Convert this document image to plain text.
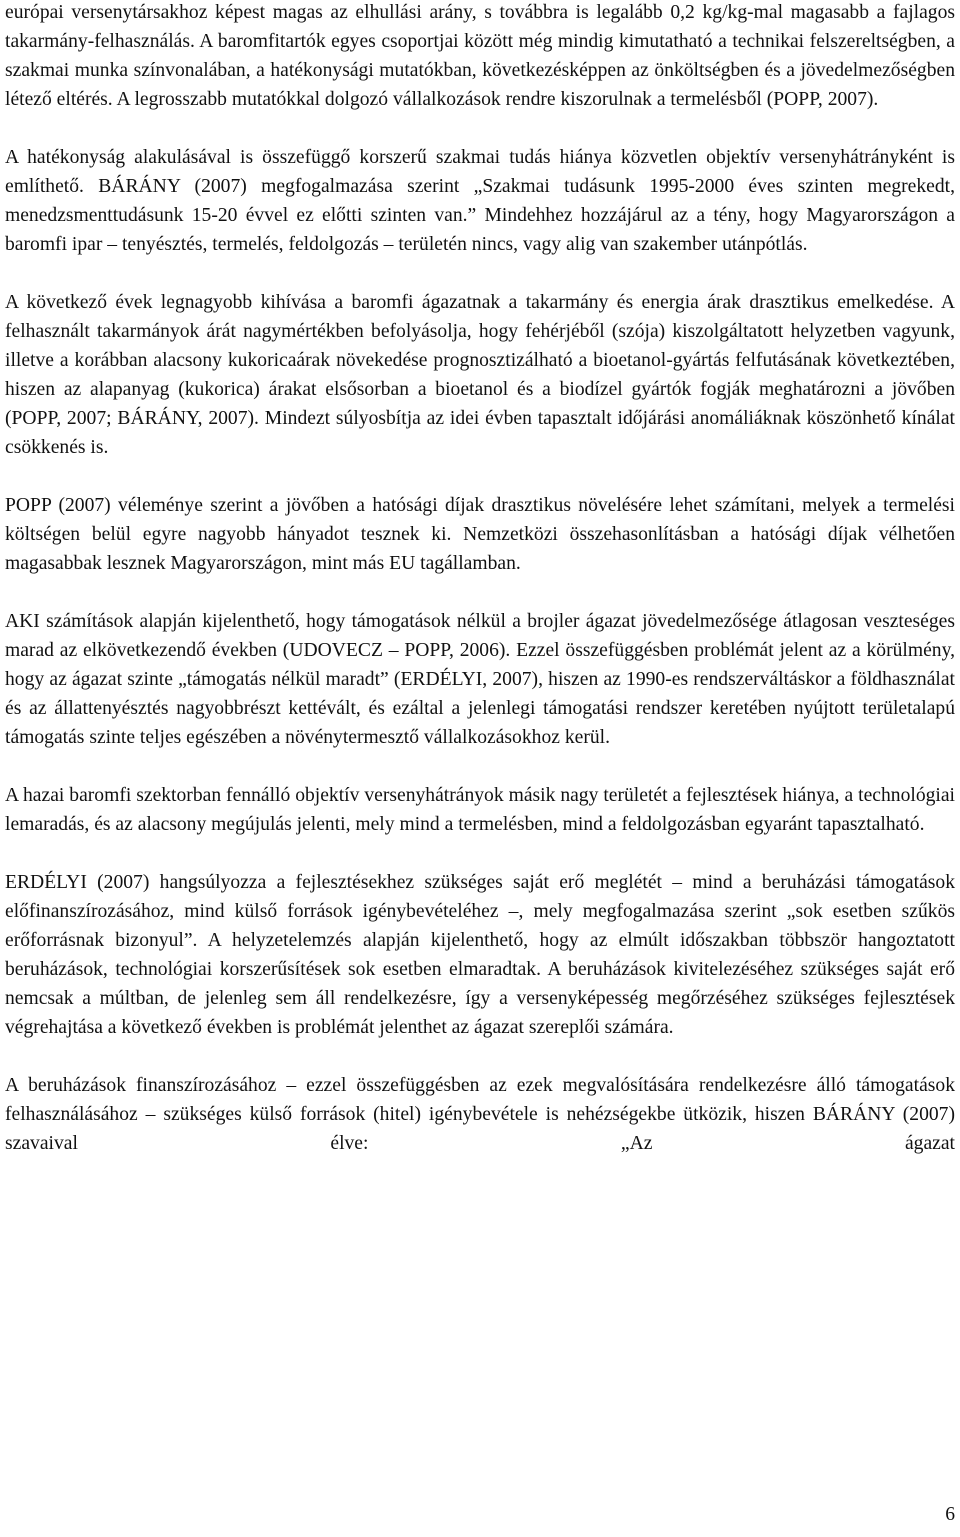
európai versenytársakhoz képest magas az elhullási arány, s továbbra is legalább 0,2 kg/kg-mal magasabb a fajlagos takarmány-felhasználás. A baromfitartók egyes csoportjai között még mindig kimutatható a technikai felszereltségben, a szakmai munka színvonalában, a hatékonysági mutatókban, következésképpen az önköltségben és a jövedelmezőségben létező eltérés. A legrosszabb mutatókkal dolgozó vállalkozások rendre kiszorulnak a termelésből (POPP, 2007).

A hatékonyság alakulásával is összefüggő korszerű szakmai tudás hiánya közvetlen objektív versenyhátrányként is említhető. BÁRÁNY (2007) megfogalmazása szerint „Szakmai tudásunk 1995-2000 éves szinten megrekedt, menedzsmenttudásunk 15-20 évvel ez előtti szinten van.” Mindehhez hozzájárul az a tény, hogy Magyarországon a baromfi ipar – tenyésztés, termelés, feldolgozás – területén nincs, vagy alig van szakember utánpótlás.

A következő évek legnagyobb kihívása a baromfi ágazatnak a takarmány és energia árak drasztikus emelkedése. A felhasznált takarmányok árát nagymértékben befolyásolja, hogy fehérjéből (szója) kiszolgáltatott helyzetben vagyunk, illetve a korábban alacsony kukoricaárak növekedése prognosztizálható a bioetanol-gyártás felfutásának következtében, hiszen az alapanyag (kukorica) árakat elsősorban a bioetanol és a biodízel gyártók fogják meghatározni a jövőben (POPP, 2007; BÁRÁNY, 2007). Mindezt súlyosbítja az idei évben tapasztalt időjárási anomáliáknak köszönhető kínálat csökkenés is.

POPP (2007) véleménye szerint a jövőben a hatósági díjak drasztikus növelésére lehet számítani, melyek a termelési költségen belül egyre nagyobb hányadot tesznek ki. Nemzetközi összehasonlításban a hatósági díjak vélhetően magasabbak lesznek Magyarországon, mint más EU tagállamban.

AKI számítások alapján kijelenthető, hogy támogatások nélkül a brojler ágazat jövedelmezősége átlagosan veszteséges marad az elkövetkezendő években (UDOVECZ – POPP, 2006). Ezzel összefüggésben problémát jelent az a körülmény, hogy az ágazat szinte „támogatás nélkül maradt” (ERDÉLYI, 2007), hiszen az 1990-es rendszerváltáskor a földhasználat és az állattenyésztés nagyobbrészt kettévált, és ezáltal a jelenlegi támogatási rendszer keretében nyújtott területalapú támogatás szinte teljes egészében a növénytermesztő vállalkozásokhoz kerül.

A hazai baromfi szektorban fennálló objektív versenyhátrányok másik nagy területét a fejlesztések hiánya, a technológiai lemaradás, és az alacsony megújulás jelenti, mely mind a termelésben, mind a feldolgozásban egyaránt tapasztalható.

ERDÉLYI (2007) hangsúlyozza a fejlesztésekhez szükséges saját erő meglétét – mind a beruházási támogatások előfinanszírozásához, mind külső források igénybevételéhez –, mely megfogalmazása szerint „sok esetben szűkös erőforrásnak bizonyul”. A helyzetelemzés alapján kijelenthető, hogy az elmúlt időszakban többször hangoztatott beruházások, technológiai korszerűsítések sok esetben elmaradtak. A beruházások kivitelezéséhez szükséges saját erő nemcsak a múltban, de jelenleg sem áll rendelkezésre, így a versenyképesség megőrzéséhez szükséges fejlesztések végrehajtása a következő években is problémát jelenthet az ágazat szereplői számára.

A beruházások finanszírozásához – ezzel összefüggésben az ezek megvalósítására rendelkezésre álló támogatások felhasználásához – szükséges külső források (hitel) igénybevétele is nehézségekbe ütközik, hiszen BÁRÁNY (2007) szavaival élve: „Az ágazat

6
